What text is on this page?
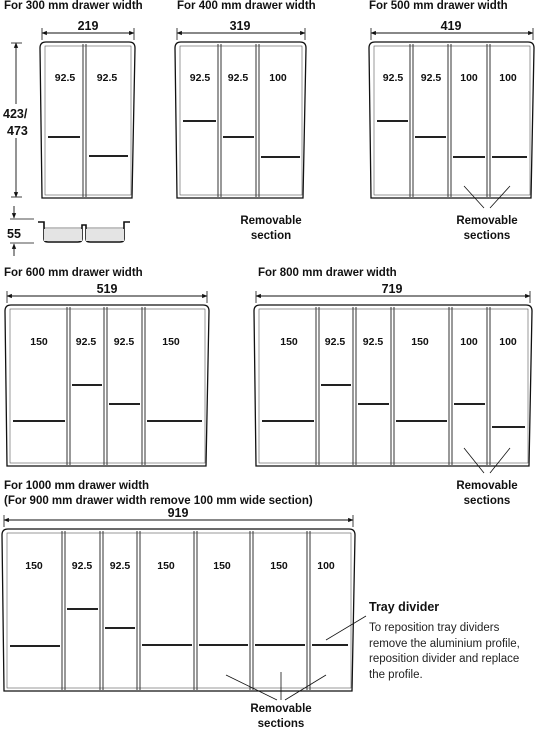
219
92.5 92.5
423/
473
55
319
92.5 92.5 100
Removable
section
419
92.5 92.5 100 100
Removable
sections
519
150	92.5 92.5	150
719
150	92.5 92.5	150	100 100
Removable
sections
919
150	92.5 92.5	150	150	150	100
Removable
sections
For 300 mm drawer width	For 400 mm drawer width	For 500 mm drawer width
For 600 mm drawer width	For 800 mm drawer width
For 1000 mm drawer width
(For 900 mm drawer width remove 100 mm wide section)
Tray divider
To reposition tray dividers remove the aluminium profile, reposition divider and replace the profile.
